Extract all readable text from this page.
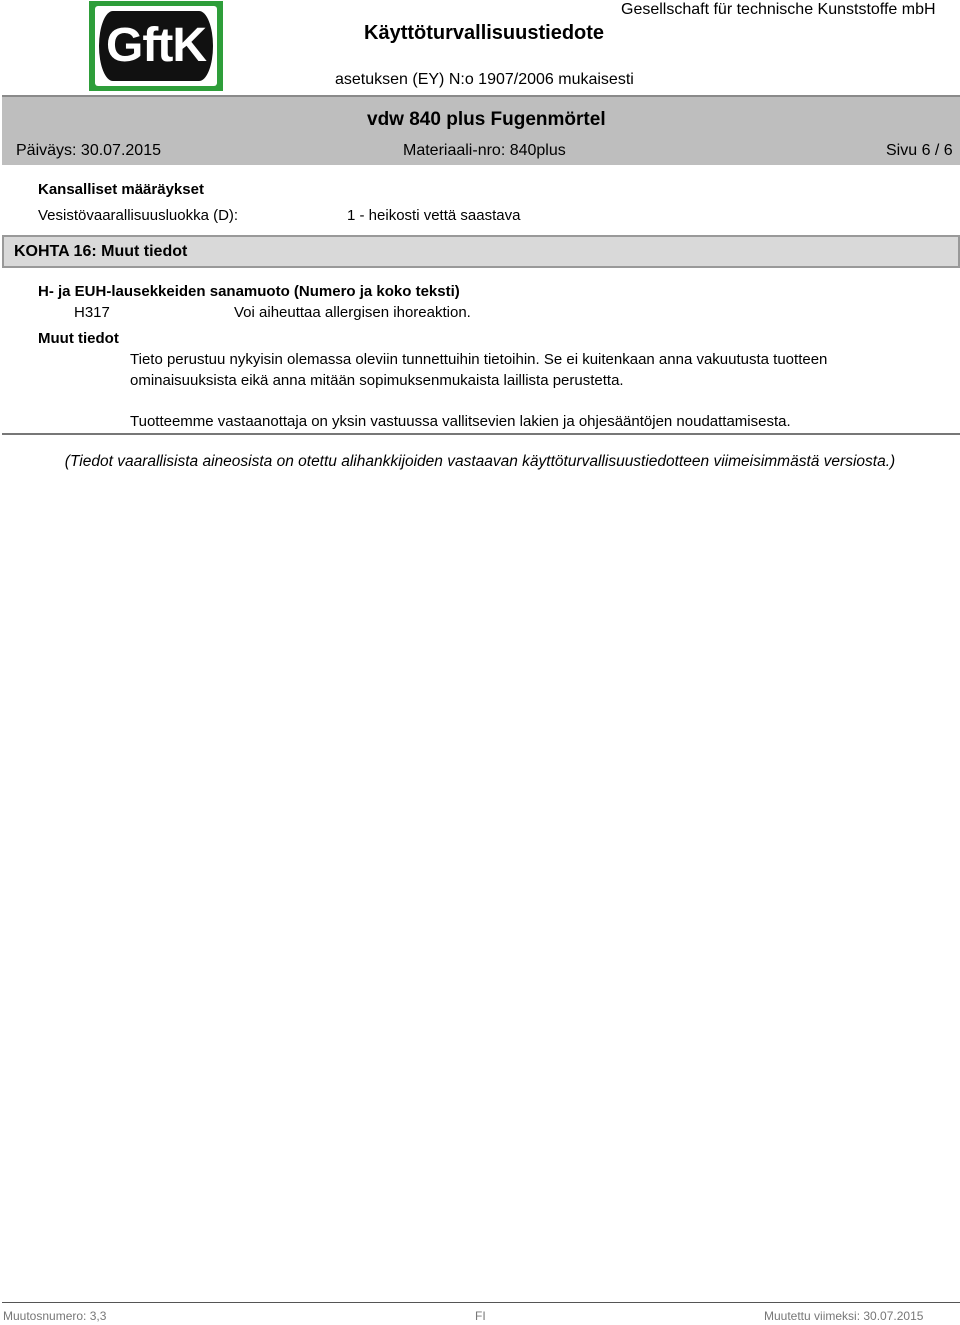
GftK	Käyttöturvallisuustiedote
Gesellschaft für technische Kunststoffe mbH
asetuksen (EY) N:o 1907/2006 mukaisesti
vdw 840 plus Fugenmörtel
Päiväys: 30.07.2015	Materiaali-nro: 840plus	Sivu 6 / 6
Kansalliset määräykset
Vesistövaarallisuusluokka (D):	1 - heikosti vettä saastava
KOHTA 16: Muut tiedot
H- ja EUH-lausekkeiden sanamuoto (Numero ja koko teksti)
H317	Voi aiheuttaa allergisen ihoreaktion.
Muut tiedot
Tieto perustuu nykyisin olemassa oleviin tunnettuihin tietoihin. Se ei kuitenkaan anna vakuutusta tuotteen ominaisuuksista eikä anna mitään sopimuksenmukaista laillista perustetta.
Tuotteemme vastaanottaja on yksin vastuussa vallitsevien lakien ja ohjesääntöjen noudattamisesta.
(Tiedot vaarallisista aineosista on otettu alihankkijoiden vastaavan käyttöturvallisuustiedotteen viimeisimmästä versiosta.)
Muutosnumero: 3,3	FI	Muutettu viimeksi: 30.07.2015
